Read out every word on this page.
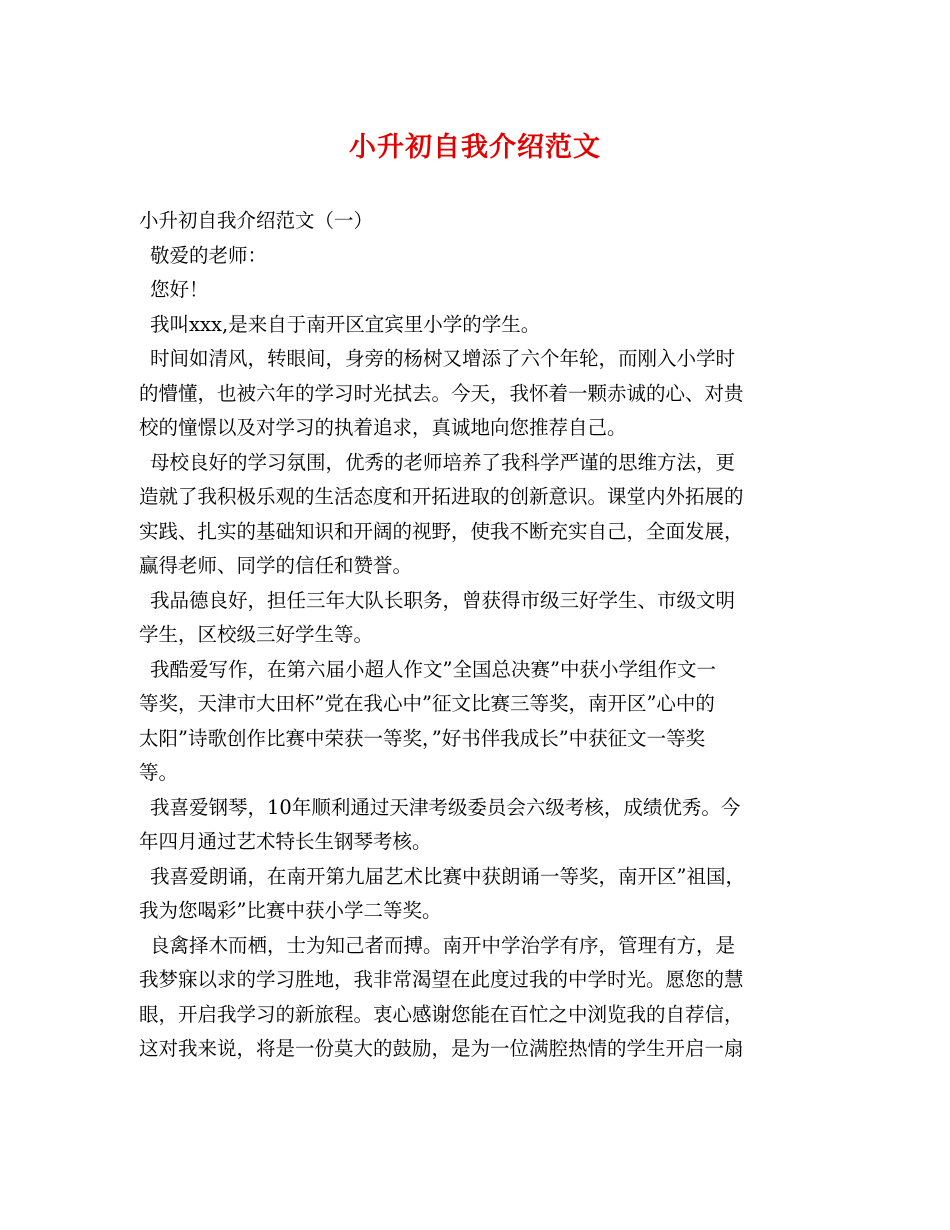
小升初自我介绍范文
小升初自我介绍范文（一）
敬爱的老师：
您好！
我叫xxx,是来自于南开区宜宾里小学的学生。
时间如清风，转眼间，身旁的杨树又增添了六个年轮，而刚入小学时
的懵懂，也被六年的学习时光拭去。今天，我怀着一颗赤诚的心、对贵
校的憧憬以及对学习的执着追求，真诚地向您推荐自己。
母校良好的学习氛围，优秀的老师培养了我科学严谨的思维方法，更
造就了我积极乐观的生活态度和开拓进取的创新意识。课堂内外拓展的
实践、扎实的基础知识和开阔的视野，使我不断充实自己，全面发展，
赢得老师、同学的信任和赞誉。
我品德良好，担任三年大队长职务，曾获得市级三好学生、市级文明
学生，区校级三好学生等。
我酷爱写作，在第六届小超人作文”全国总决赛”中获小学组作文一
等奖，天津市大田杯”党在我心中”征文比赛三等奖，南开区”心中的
太阳”诗歌创作比赛中荣获一等奖，”好书伴我成长”中获征文一等奖
等。
我喜爱钢琴，10年顺利通过天津考级委员会六级考核，成绩优秀。今
年四月通过艺术特长生钢琴考核。
我喜爱朗诵，在南开第九届艺术比赛中获朗诵一等奖，南开区”祖国，
我为您喝彩”比赛中获小学二等奖。
良禽择木而栖，士为知己者而搏。南开中学治学有序，管理有方，是
我梦寐以求的学习胜地，我非常渴望在此度过我的中学时光。愿您的慧
眼，开启我学习的新旅程。衷心感谢您能在百忙之中浏览我的自荐信，
这对我来说，将是一份莫大的鼓励，是为一位满腔热情的学生开启一扇
